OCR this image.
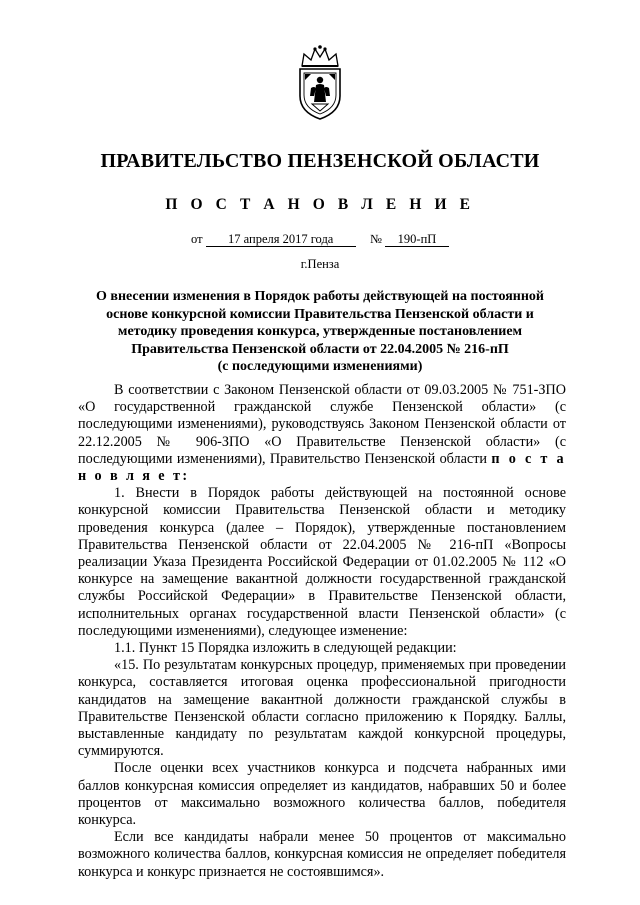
ПРАВИТЕЛЬСТВО ПЕНЗЕНСКОЙ ОБЛАСТИ
П О С Т А Н О В Л Е Н И Е
от 17 апреля 2017 года	№ 190-пП
г.Пенза
О внесении изменения в Порядок работы действующей на постоянной
основе конкурсной комиссии Правительства Пензенской области и
методику проведения конкурса, утвержденные постановлением
Правительства Пензенской области от 22.04.2005 № 216-пП
(с последующими изменениями)

В соответствии с Законом Пензенской области от 09.03.2005 № 751-ЗПО «О государственной гражданской службе Пензенской области» (с последующими изменениями), руководствуясь Законом Пензенской области от 22.12.2005 № 906-ЗПО «О Правительстве Пензенской области» (с последующими изменениями), Правительство Пензенской области п о с т а н о в л я е т:

1. Внести в Порядок работы действующей на постоянной основе конкурсной комиссии Правительства Пензенской области и методику проведения конкурса (далее – Порядок), утвержденные постановлением Правительства Пензенской области от 22.04.2005 № 216-пП «Вопросы реализации Указа Президента Российской Федерации от 01.02.2005 № 112 «О конкурсе на замещение вакантной должности государственной гражданской службы Российской Федерации» в Правительстве Пензенской области, исполнительных органах государственной власти Пензенской области» (с последующими изменениями), следующее изменение:

1.1. Пункт 15 Порядка изложить в следующей редакции:

«15. По результатам конкурсных процедур, применяемых при проведении конкурса, составляется итоговая оценка профессиональной пригодности кандидатов на замещение вакантной должности гражданской службы в Правительстве Пензенской области согласно приложению к Порядку. Баллы, выставленные кандидату по результатам каждой конкурсной процедуры, суммируются.

После оценки всех участников конкурса и подсчета набранных ими баллов конкурсная комиссия определяет из кандидатов, набравших 50 и более процентов от максимально возможного количества баллов, победителя конкурса.

Если все кандидаты набрали менее 50 процентов от максимально возможного количества баллов, конкурсная комиссия не определяет победителя конкурса и конкурс признается не состоявшимся».
